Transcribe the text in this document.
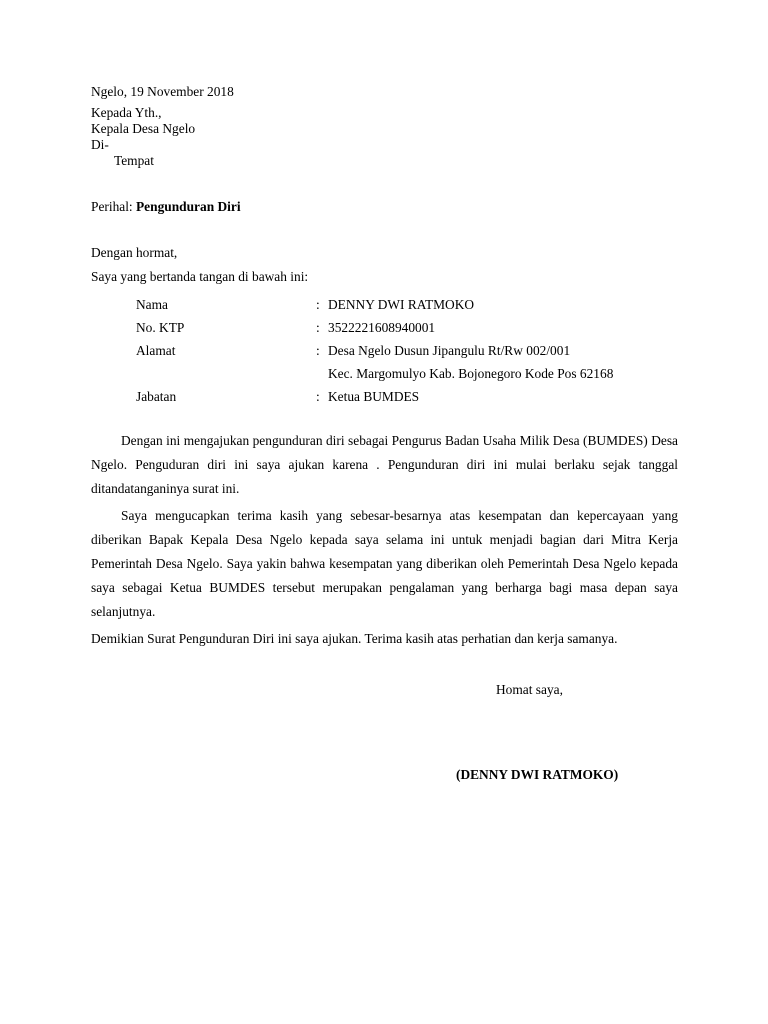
Ngelo, 19 November 2018
Kepada Yth.,
Kepala Desa Ngelo
Di-
Tempat
Perihal: Pengunduran Diri
Dengan hormat,
Saya yang bertanda tangan di bawah ini:
Nama	: DENNY DWI RATMOKO
No. KTP	: 3522221608940001
Alamat	: Desa Ngelo Dusun Jipangulu Rt/Rw 002/001
Kec. Margomulyo Kab. Bojonegoro Kode Pos 62168
Jabatan	: Ketua BUMDES

Dengan ini mengajukan pengunduran diri sebagai Pengurus Badan Usaha Milik Desa (BUMDES) Desa Ngelo. Penguduran diri ini saya ajukan karena . Pengunduran diri ini mulai berlaku sejak tanggal ditandatanganinya surat ini.

Saya mengucapkan terima kasih yang sebesar-besarnya atas kesempatan dan kepercayaan yang diberikan Bapak Kepala Desa Ngelo kepada saya selama ini untuk menjadi bagian dari Mitra Kerja Pemerintah Desa Ngelo. Saya yakin bahwa kesempatan yang diberikan oleh Pemerintah Desa Ngelo kepada saya sebagai Ketua BUMDES tersebut merupakan pengalaman yang berharga bagi masa depan saya selanjutnya.

Demikian Surat Pengunduran Diri ini saya ajukan. Terima kasih atas perhatian dan kerja samanya.

Homat saya,
(DENNY DWI RATMOKO)
